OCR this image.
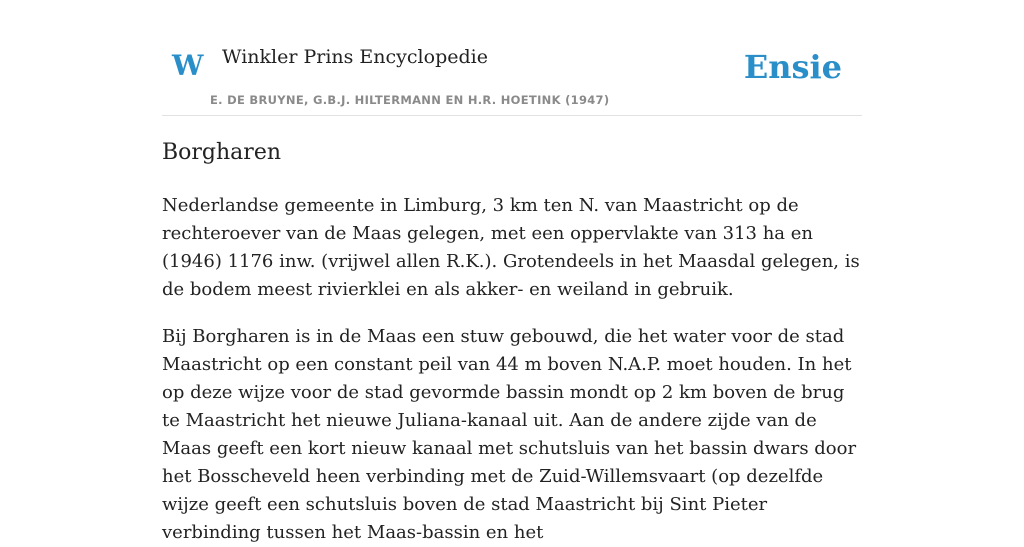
W Winkler Prins Encyclopedie
E. DE BRUYNE, G.B.J. HILTERMANN EN H.R. HOETINK (1947)
Ensie
Borgharen

Nederlandse gemeente in Limburg, 3 km ten N. van Maastricht op de rechteroever van de Maas gelegen, met een oppervlakte van 313 ha en (1946) 1176 inw. (vrijwel allen R.K.). Grotendeels in het Maasdal gelegen, is de bodem meest rivierklei en als akker- en weiland in gebruik.

Bij Borgharen is in de Maas een stuw gebouwd, die het water voor de stad Maastricht op een constant peil van 44 m boven N.A.P. moet houden. In het op deze wijze voor de stad gevormde bassin mondt op 2 km boven de brug te Maastricht het nieuwe Juliana-kanaal uit. Aan de andere zijde van de Maas geeft een kort nieuw kanaal met schutsluis van het bassin dwars door het Bosscheveld heen verbinding met de Zuid-Willemsvaart (op dezelfde wijze geeft een schutsluis boven de stad Maastricht bij Sint Pieter verbinding tussen het Maas-bassin en het
